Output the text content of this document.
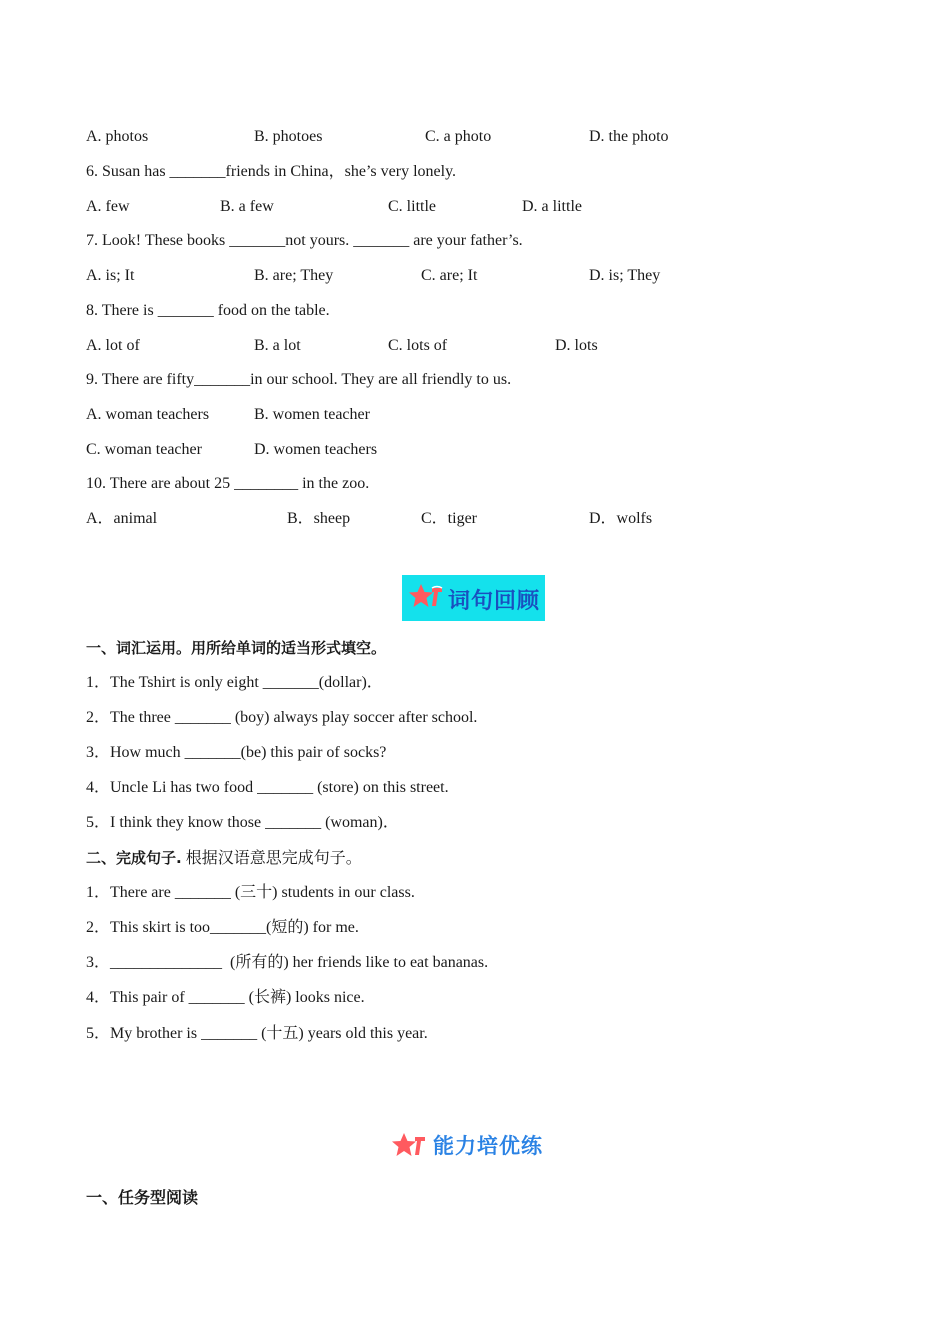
A. photos	B. photoes	C. a photo	D. the photo
6. Susan has _______friends in China，she’s very lonely.
A. few	B. a few	C. little	D. a little
7. Look! These books _______not yours. _______ are your father’s.
A. is; It	B. are; They	C. are; It	D. is; They
8. There is _______ food on the table.
A. lot of	B. a lot	C. lots of	D. lots
9. There are fifty_______in our school. They are all friendly to us.
A. woman teachers	B. women teacher
C. woman teacher	D. women teachers
10. There are about 25 ________ in the zoo.
A．animal	B．sheep	C．tiger	D．wolfs
词句回顾
一、词汇运用。用所给单词的适当形式填空。
1．The Tshirt is only eight _______(dollar)．
2．The three _______ (boy) always play soccer after school.
3．How much _______(be) this pair of socks?
4．Uncle Li has two food _______ (store) on this street.
5．I think they know those _______ (woman)．
二、完成句子. 根据汉语意思完成句子。
1．There are _______ (三十) students in our class.
2．This skirt is too_______(短的) for me.
3．______________  (所有的) her friends like to eat bananas.
4．This pair of _______ (长裤) looks nice.
5．My brother is _______ (十五) years old this year.
能力培优练
一、任务型阅读
